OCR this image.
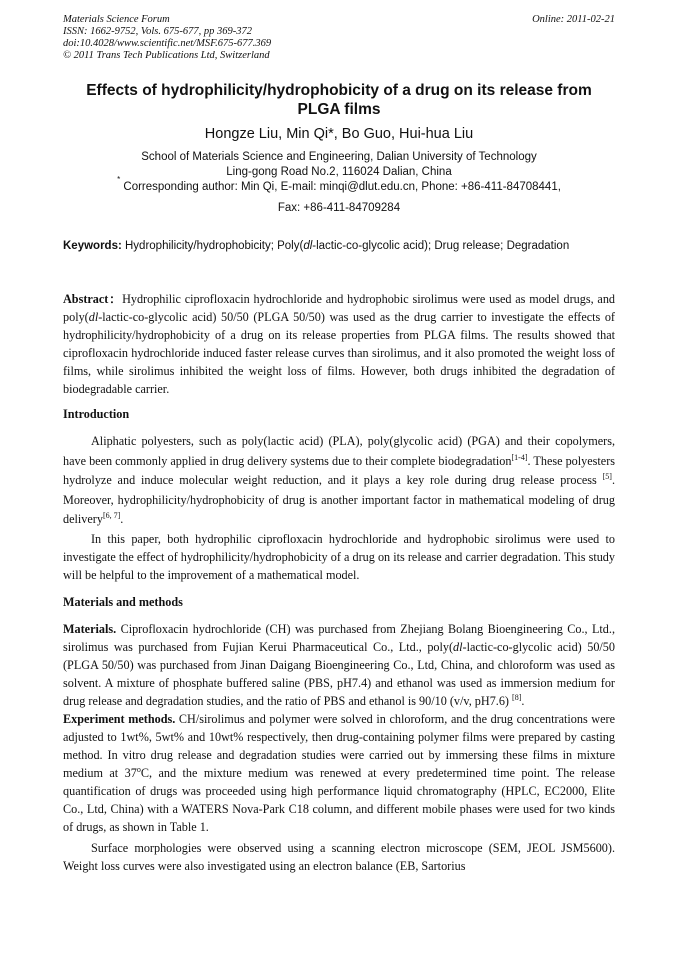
Materials Science Forum
ISSN: 1662-9752, Vols. 675-677, pp 369-372
doi:10.4028/www.scientific.net/MSF.675-677.369
© 2011 Trans Tech Publications Ltd, Switzerland
Online: 2011-02-21
Effects of hydrophilicity/hydrophobicity of a drug on its release from
PLGA films
Hongze Liu, Min Qi*, Bo Guo, Hui-hua Liu
School of Materials Science and Engineering, Dalian University of Technology
Ling-gong Road No.2, 116024 Dalian, China
* Corresponding author: Min Qi, E-mail: minqi@dlut.edu.cn, Phone: +86-411-84708441,
Fax: +86-411-84709284
Keywords: Hydrophilicity/hydrophobicity; Poly(dl-lactic-co-glycolic acid); Drug release; Degradation

Abstract：Hydrophilic ciprofloxacin hydrochloride and hydrophobic sirolimus were used as model drugs, and poly(dl-lactic-co-glycolic acid) 50/50 (PLGA 50/50) was used as the drug carrier to investigate the effects of hydrophilicity/hydrophobicity of a drug on its release properties from PLGA films. The results showed that ciprofloxacin hydrochloride induced faster release curves than sirolimus, and it also promoted the weight loss of films, while sirolimus inhibited the weight loss of films. However, both drugs inhibited the degradation of biodegradable carrier.

Introduction

Aliphatic polyesters, such as poly(lactic acid) (PLA), poly(glycolic acid) (PGA) and their copolymers, have been commonly applied in drug delivery systems due to their complete biodegradation[1-4]. These polyesters hydrolyze and induce molecular weight reduction, and it plays a key role during drug release process [5]. Moreover, hydrophilicity/hydrophobicity of drug is another important factor in mathematical modeling of drug delivery[6, 7].

In this paper, both hydrophilic ciprofloxacin hydrochloride and hydrophobic sirolimus were used to investigate the effect of hydrophilicity/hydrophobicity of a drug on its release and carrier degradation. This study will be helpful to the improvement of a mathematical model.

Materials and methods

Materials. Ciprofloxacin hydrochloride (CH) was purchased from Zhejiang Bolang Bioengineering Co., Ltd., sirolimus was purchased from Fujian Kerui Pharmaceutical Co., Ltd., poly(dl-lactic-co-glycolic acid) 50/50 (PLGA 50/50) was purchased from Jinan Daigang Bioengineering Co., Ltd, China, and chloroform was used as solvent. A mixture of phosphate buffered saline (PBS, pH7.4) and ethanol was used as immersion medium for drug release and degradation studies, and the ratio of PBS and ethanol is 90/10 (v/v, pH7.6) [8].

Experiment methods. CH/sirolimus and polymer were solved in chloroform, and the drug concentrations were adjusted to 1wt%, 5wt% and 10wt% respectively, then drug-containing polymer films were prepared by casting method. In vitro drug release and degradation studies were carried out by immersing these films in mixture medium at 37$^o$C, and the mixture medium was renewed at every predetermined time point. The release quantification of drugs was proceeded using high performance liquid chromatography (HPLC, EC2000, Elite Co., Ltd, China) with a WATERS Nova-Park C18 column, and different mobile phases were used for two kinds of drugs, as shown in Table 1.

Surface morphologies were observed using a scanning electron microscope (SEM, JEOL JSM5600). Weight loss curves were also investigated using an electron balance (EB, Sartorius
